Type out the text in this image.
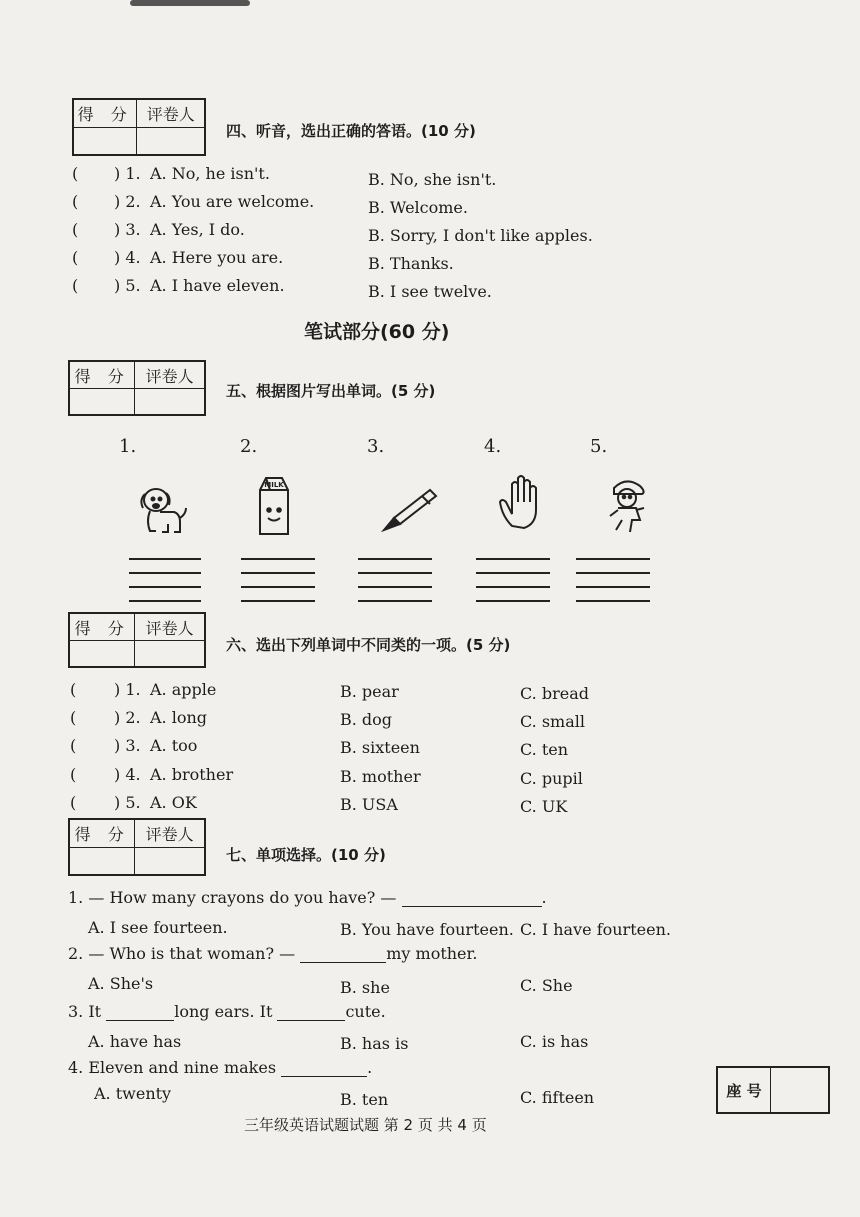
得 分 评卷人
四、听音，选出正确的答语。(10 分)
( ) 1. A. No, he isn't.	B. No, she isn't.
( ) 2. A. You are welcome.	B. Welcome.
( ) 3. A. Yes, I do.	B. Sorry, I don't like apples.
( ) 4. A. Here you are.	B. Thanks.
( ) 5. A. I have eleven.	B. I see twelve.
笔试部分(60 分)
得 分 评卷人
五、根据图片写出单词。(5 分)
1.	2.	3.	4.	5.
MILK
得 分 评卷人
六、选出下列单词中不同类的一项。(5 分)
( ) 1. A. apple	B. pear	C. bread
( ) 2. A. long	B. dog	C. small
( ) 3. A. too	B. sixteen	C. ten
( ) 4. A. brother	B. mother	C. pupil
( ) 5. A. OK	B. USA	C. UK
得 分 评卷人
七、单项选择。(10 分)
1. — How many crayons do you have? —	.
A. I see fourteen.	B. You have fourteen. C. I have fourteen.
2. — Who is that woman? —	my mother.
A. She's	B. she	C. She
3. It	long ears. It	cute.
A. have has	B. has is	C. is has
4. Eleven and nine makes	.
A. twenty	B. ten	C. fifteen	座 号
三年级英语试题试题 第 2 页 共 4 页
